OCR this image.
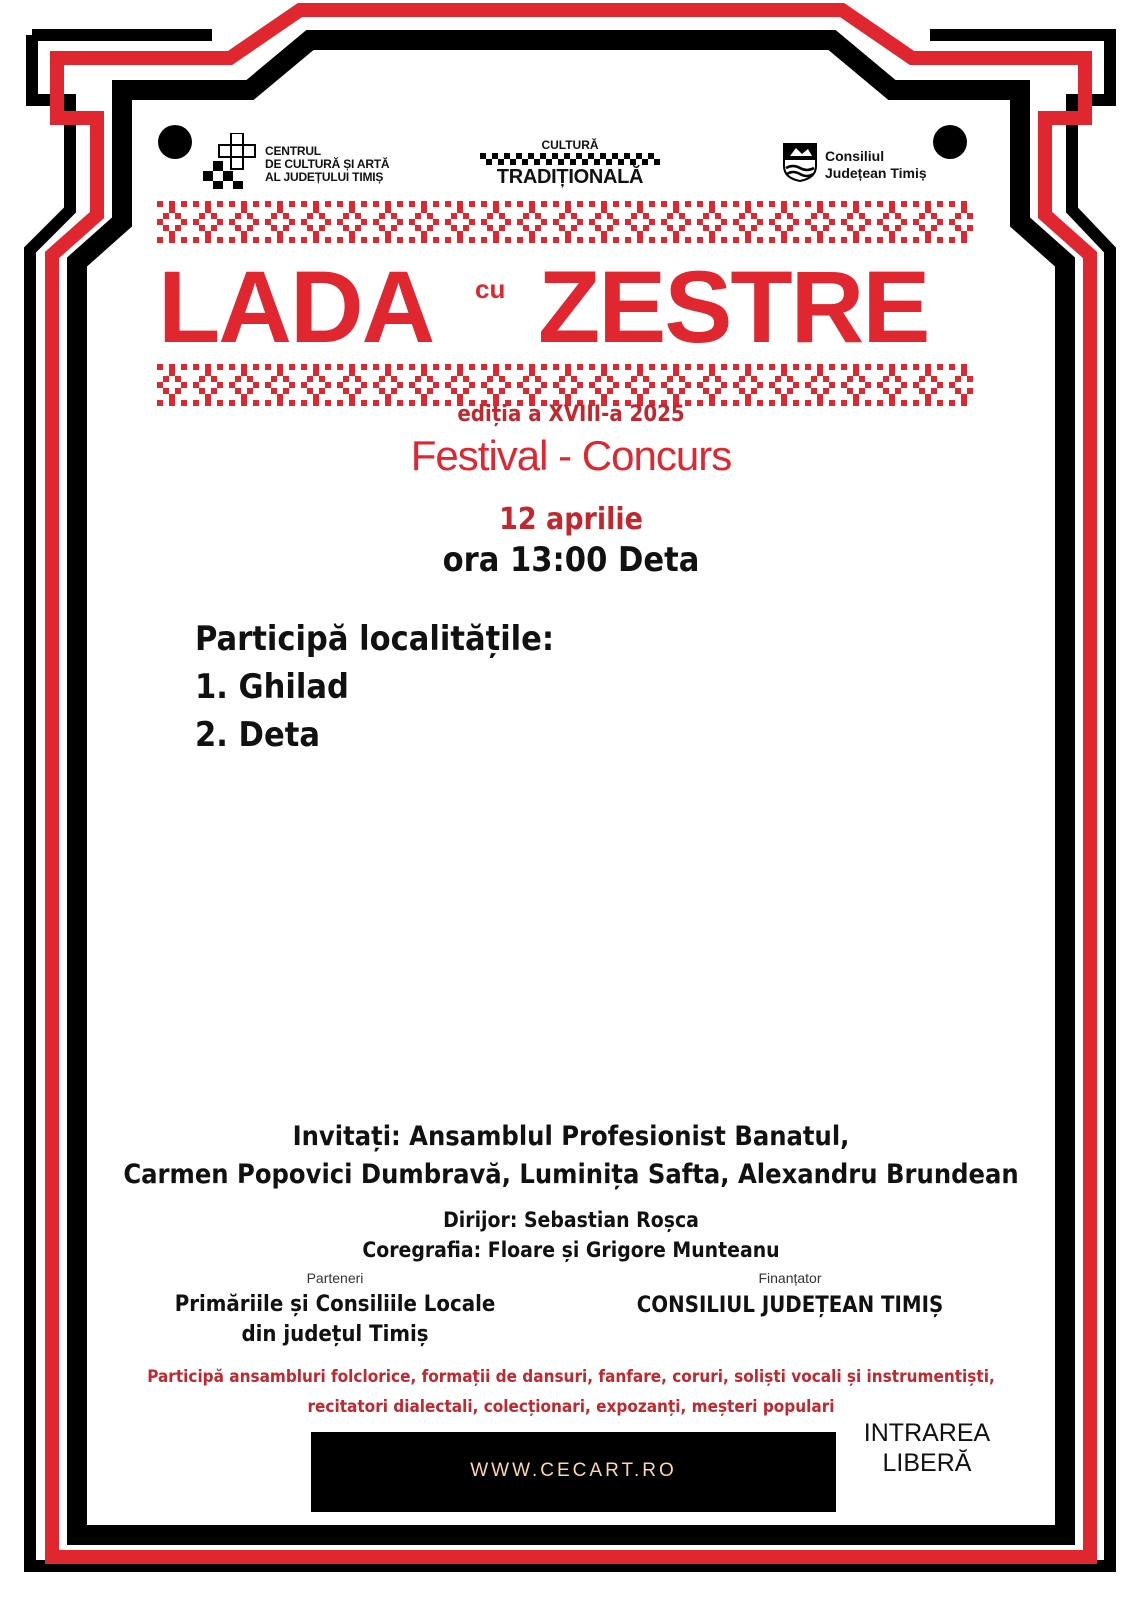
CENTRUL
DE CULTURĂ ȘI ARTĂ
AL JUDEȚULUI TIMIȘ
CULTURĂ
TRADIȚIONALĂ
Consiliul
Județean Timiș
LADA cu ZESTRE
ediția a XVIII-a 2025
Festival - Concurs
12 aprilie
ora 13:00 Deta
Participă localitățile:
1. Ghilad
2. Deta
Invitați: Ansamblul Profesionist Banatul,
Carmen Popovici Dumbravă, Luminița Safta, Alexandru Brundean
Dirijor: Sebastian Roșca
Coregrafia: Floare și Grigore Munteanu
Parteneri
Primăriile și Consiliile Locale
din județul Timiș
Finanțator
CONSILIUL JUDEȚEAN TIMIȘ
Participă ansambluri folclorice, formații de dansuri, fanfare, coruri, soliști vocali și instrumentiști,
recitatori dialectali, colecționari, expozanți, meșteri populari
WWW.CECART.RO
INTRAREA
LIBERĂ
